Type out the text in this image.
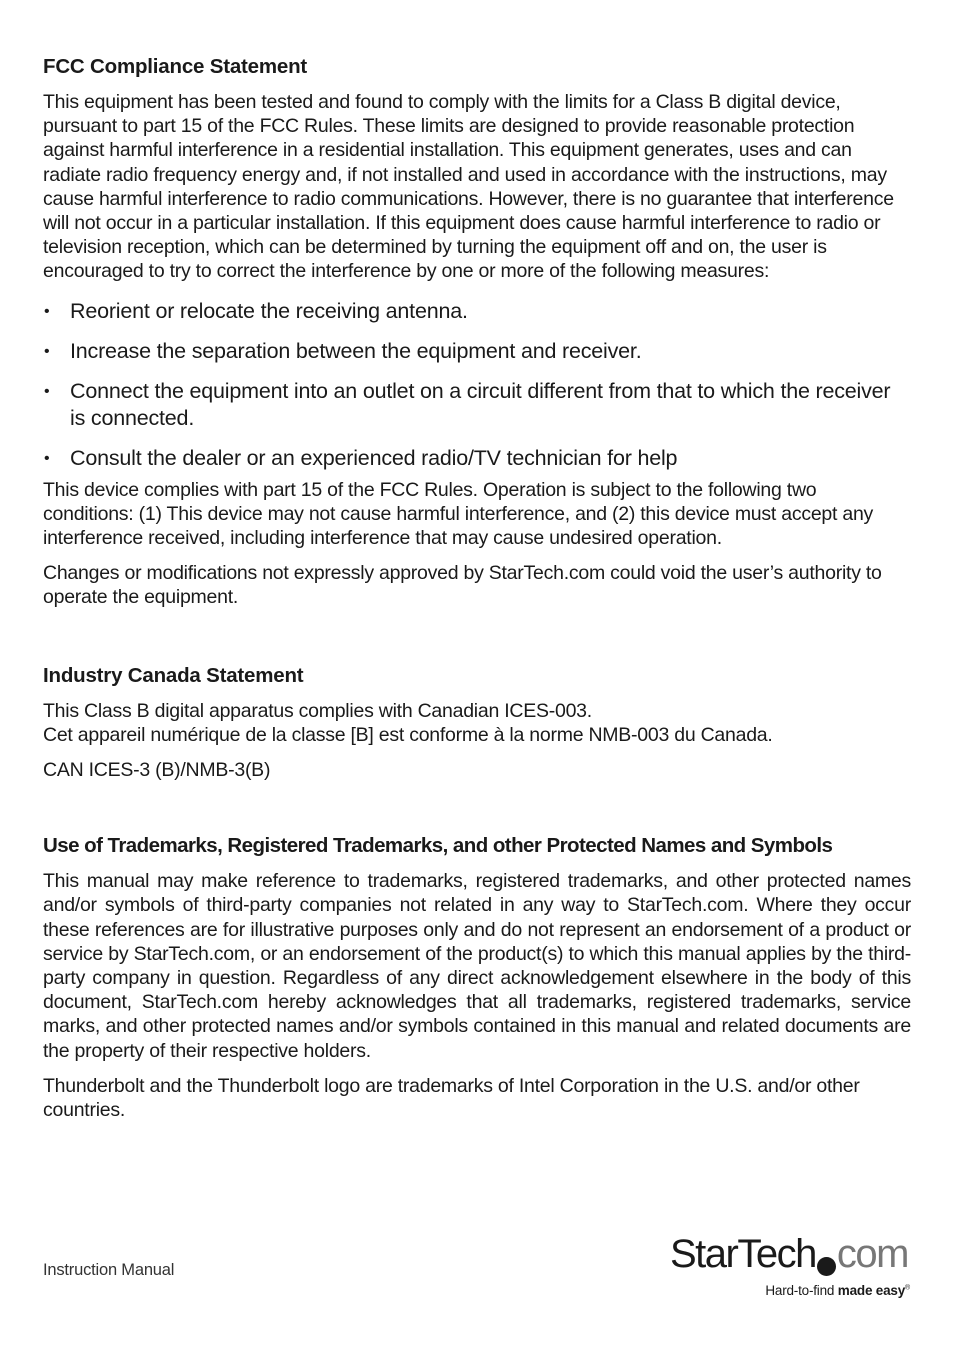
FCC Compliance Statement

This equipment has been tested and found to comply with the limits for a Class B digital device, pursuant to part 15 of the FCC Rules. These limits are designed to provide reasonable protection against harmful interference in a residential installation. This equipment generates, uses and can radiate radio frequency energy and, if not installed and used in accordance with the instructions, may cause harmful interference to radio communications. However, there is no guarantee that interference will not occur in a particular installation. If this equipment does cause harmful interference to radio or television reception, which can be determined by turning the equipment off and on, the user is encouraged to try to correct the interference by one or more of the following measures:

• Reorient or relocate the receiving antenna.
• Increase the separation between the equipment and receiver.
• Connect the equipment into an outlet on a circuit different from that to which the receiver is connected.
• Consult the dealer or an experienced radio/TV technician for help

This device complies with part 15 of the FCC Rules. Operation is subject to the following two conditions: (1) This device may not cause harmful interference, and (2) this device must accept any interference received, including interference that may cause undesired operation.

Changes or modifications not expressly approved by StarTech.com could void the user’s authority to operate the equipment.

Industry Canada Statement

This Class B digital apparatus complies with Canadian ICES-003.
Cet appareil numérique de la classe [B] est conforme à la norme NMB-003 du Canada.

CAN ICES-3 (B)/NMB-3(B)

Use of Trademarks, Registered Trademarks, and other Protected Names and Symbols

This manual may make reference to trademarks, registered trademarks, and other protected names and/or symbols of third-party companies not related in any way to StarTech.com. Where they occur these references are for illustrative purposes only and do not represent an endorsement of a product or service by StarTech.com, or an endorsement of the product(s) to which this manual applies by the third-party company in question. Regardless of any direct acknowledgement elsewhere in the body of this document, StarTech.com hereby acknowledges that all trademarks, registered trademarks, service marks, and other protected names and/or symbols contained in this manual and related documents are the property of their respective holders.

Thunderbolt and the Thunderbolt logo are trademarks of Intel Corporation in the U.S. and/or other countries.

Instruction Manual	StarTech com
Hard-to-find made easy®
